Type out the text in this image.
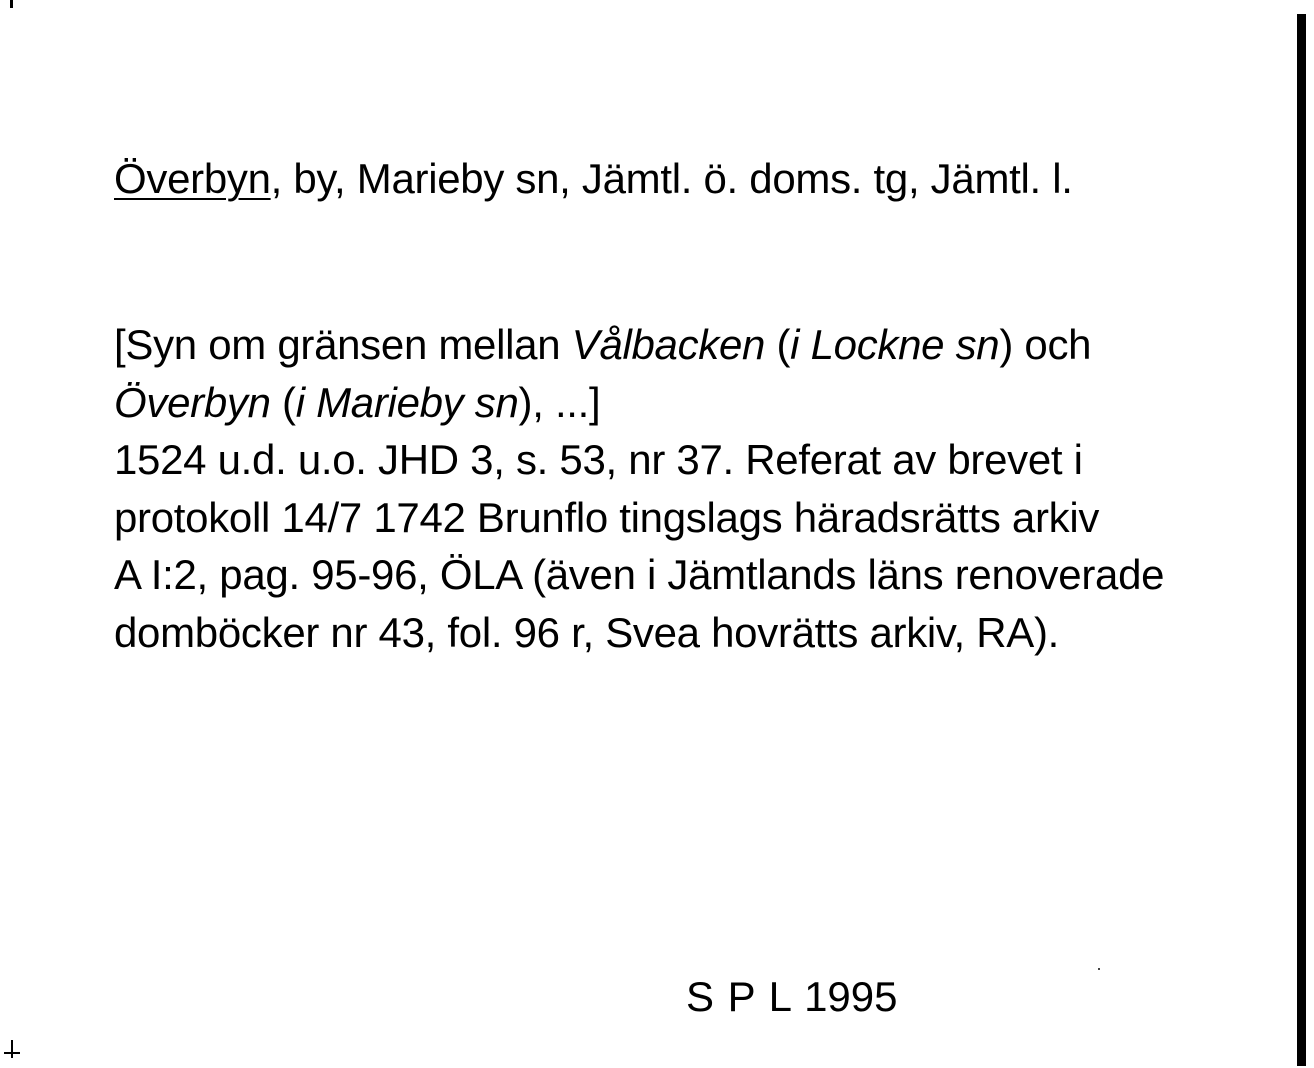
Överbyn, by, Marieby sn, Jämtl. ö. doms. tg, Jämtl. l.
[Syn om gränsen mellan Vålbacken (i Lockne sn) och
Överbyn (i Marieby sn), ...]
1524 u.d. u.o. JHD 3, s. 53, nr 37. Referat av brevet i
protokoll 14/7 1742 Brunflo tingslags häradsrätts arkiv
A I:2, pag. 95-96, ÖLA (även i Jämtlands läns renoverade
domböcker nr 43, fol. 96 r, Svea hovrätts arkiv, RA).
S P L 1995
